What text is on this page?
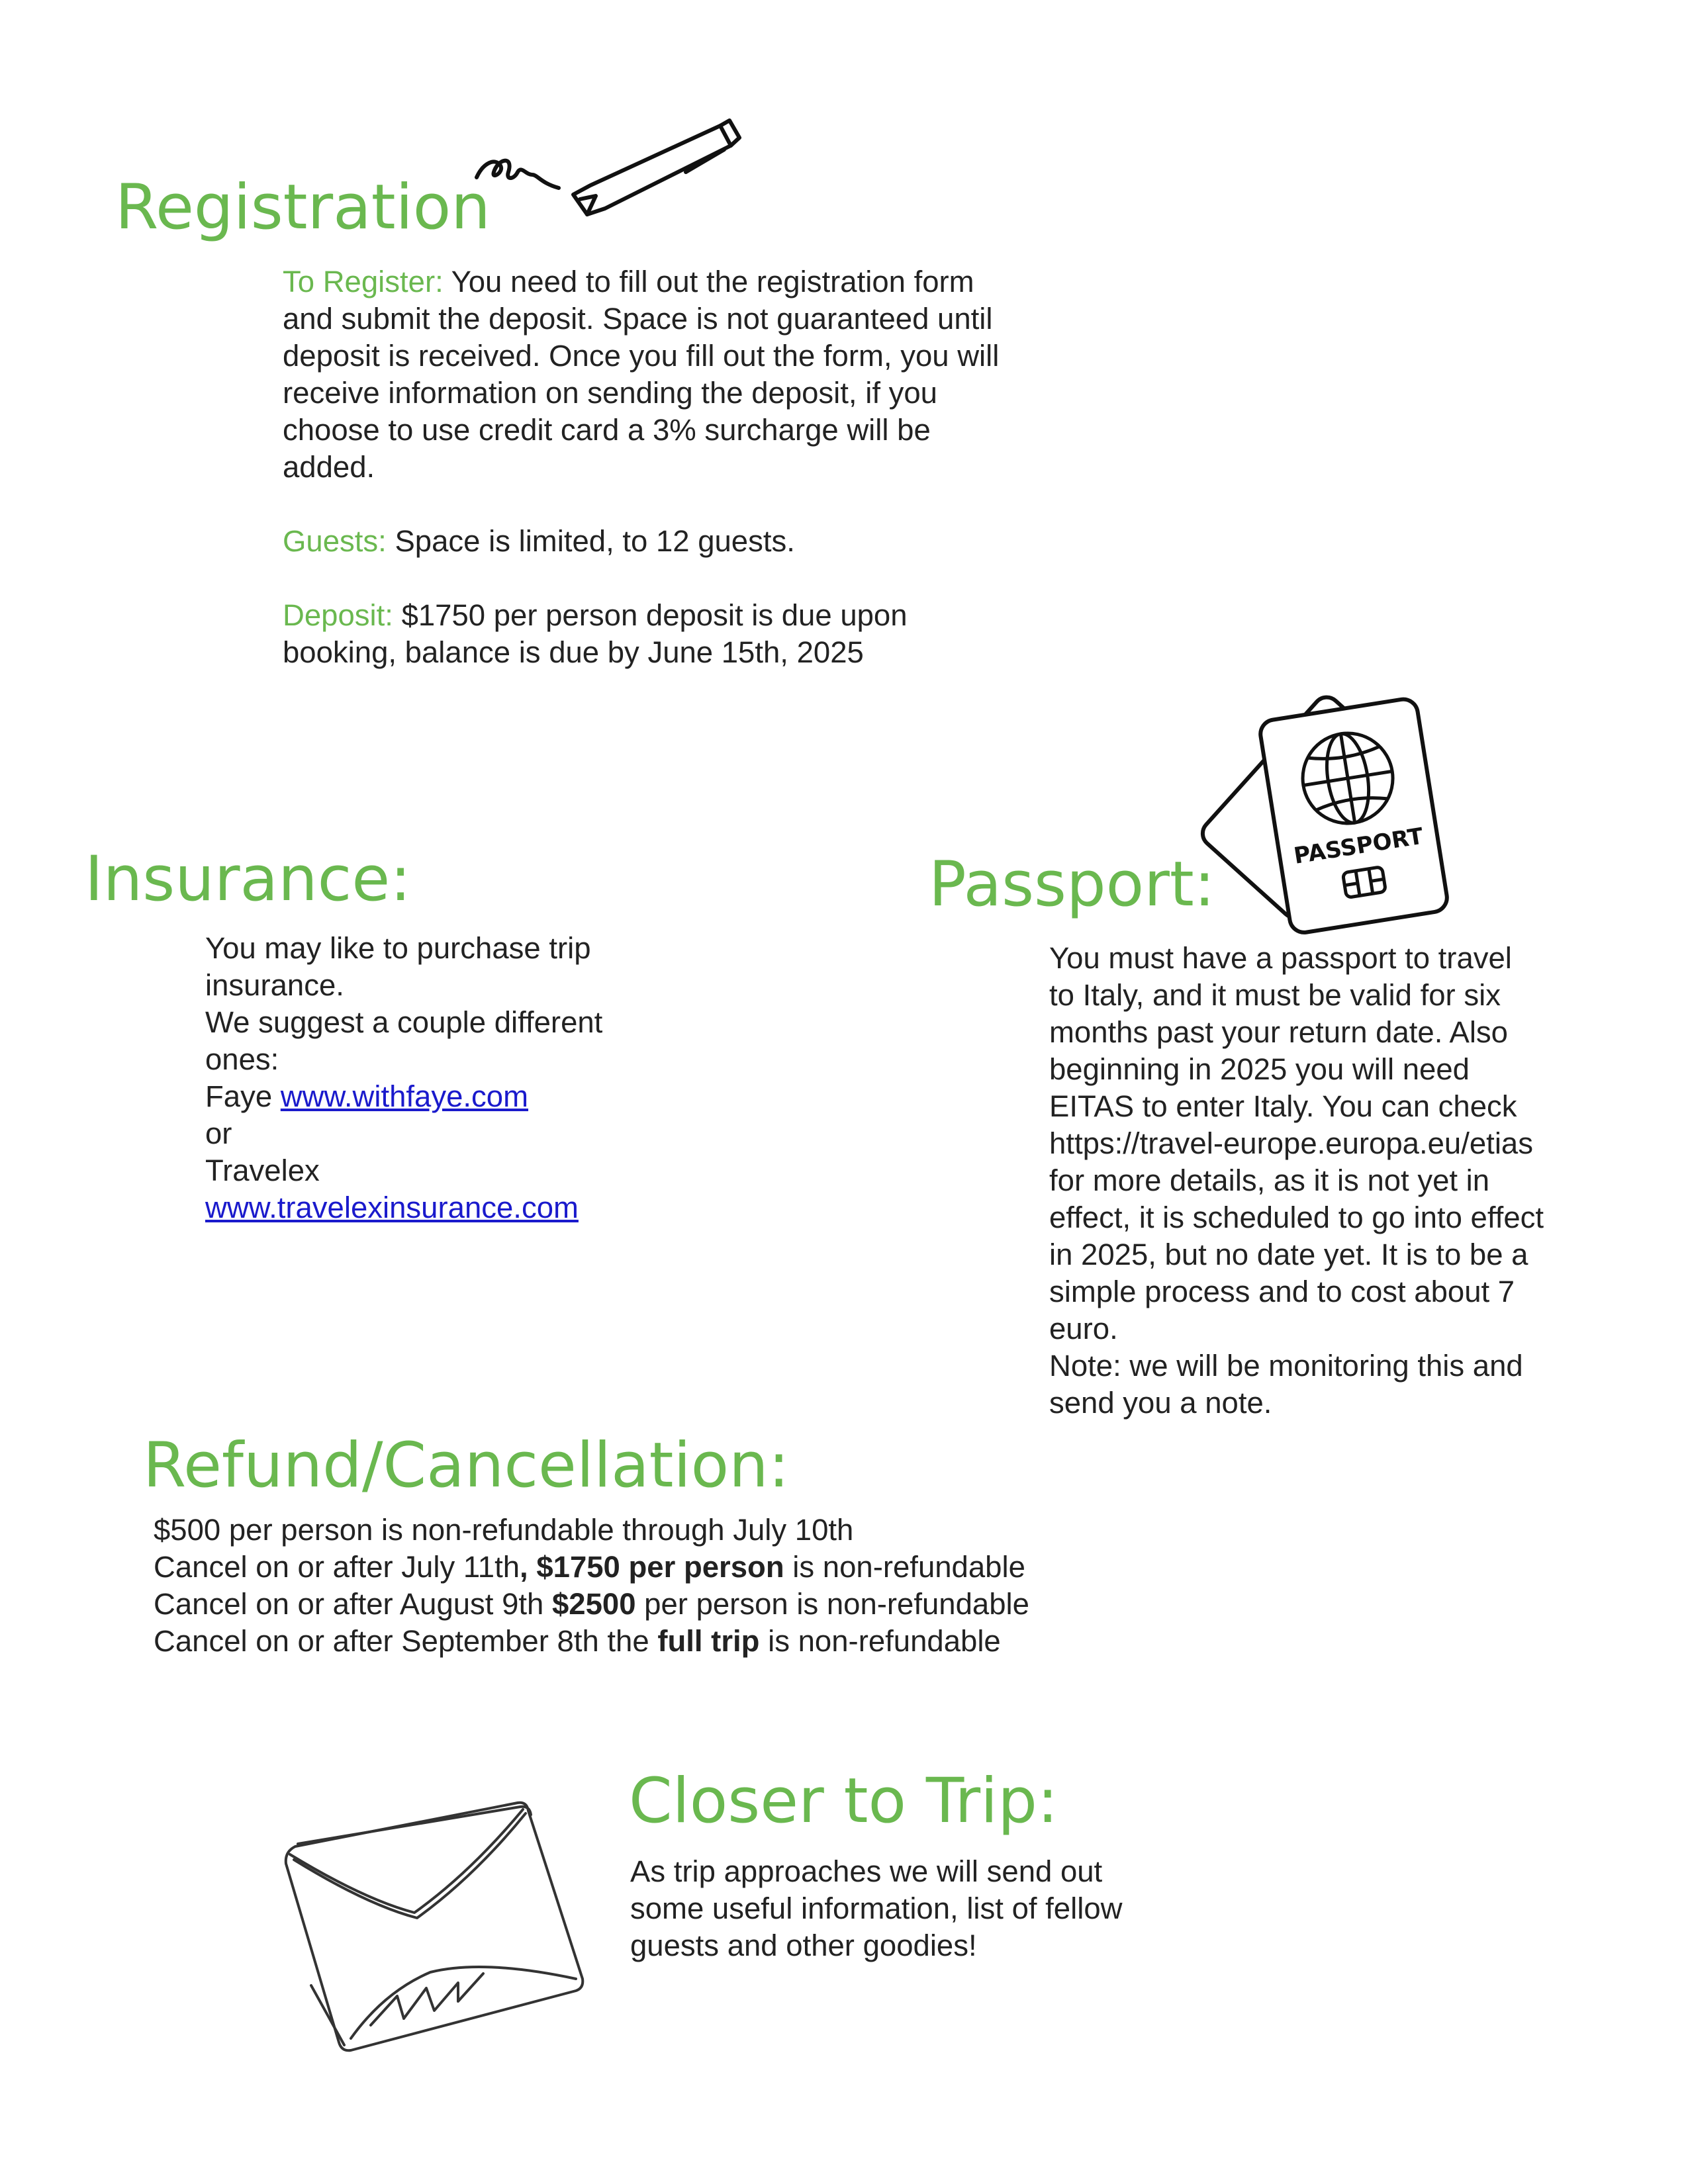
Registration

To Register: You need to fill out the registration form

and submit the deposit. Space is not guaranteed until

deposit is received. Once you fill out the form, you will

receive information on sending the deposit, if you

choose to use credit card a 3% surcharge will be

added.

Guests: Space is limited, to 12 guests.

Deposit: $1750 per person deposit is due upon

booking, balance is due by June 15th, 2025

Insurance:

You may like to purchase trip

insurance.

We suggest a couple different

ones:

Faye www.withfaye.com

or

Travelex

www.travelexinsurance.com

Passport:
PASSPORT

You must have a passport to travel

to Italy, and it must be valid for six

months past your return date. Also

beginning in 2025 you will need

EITAS to enter Italy. You can check

https://travel-europe.europa.eu/etias

for more details, as it is not yet in

effect, it is scheduled to go into effect

in 2025, but no date yet. It is to be a

simple process and to cost about 7

euro.

Note: we will be monitoring this and

send you a note.

Refund/Cancellation:

$500 per person is non-refundable through July 10th

Cancel on or after July 11th, $1750 per person is non-refundable

Cancel on or after August 9th $2500 per person is non-refundable

Cancel on or after September 8th the full trip is non-refundable

Closer to Trip:

As trip approaches we will send out

some useful information, list of fellow

guests and other goodies!
